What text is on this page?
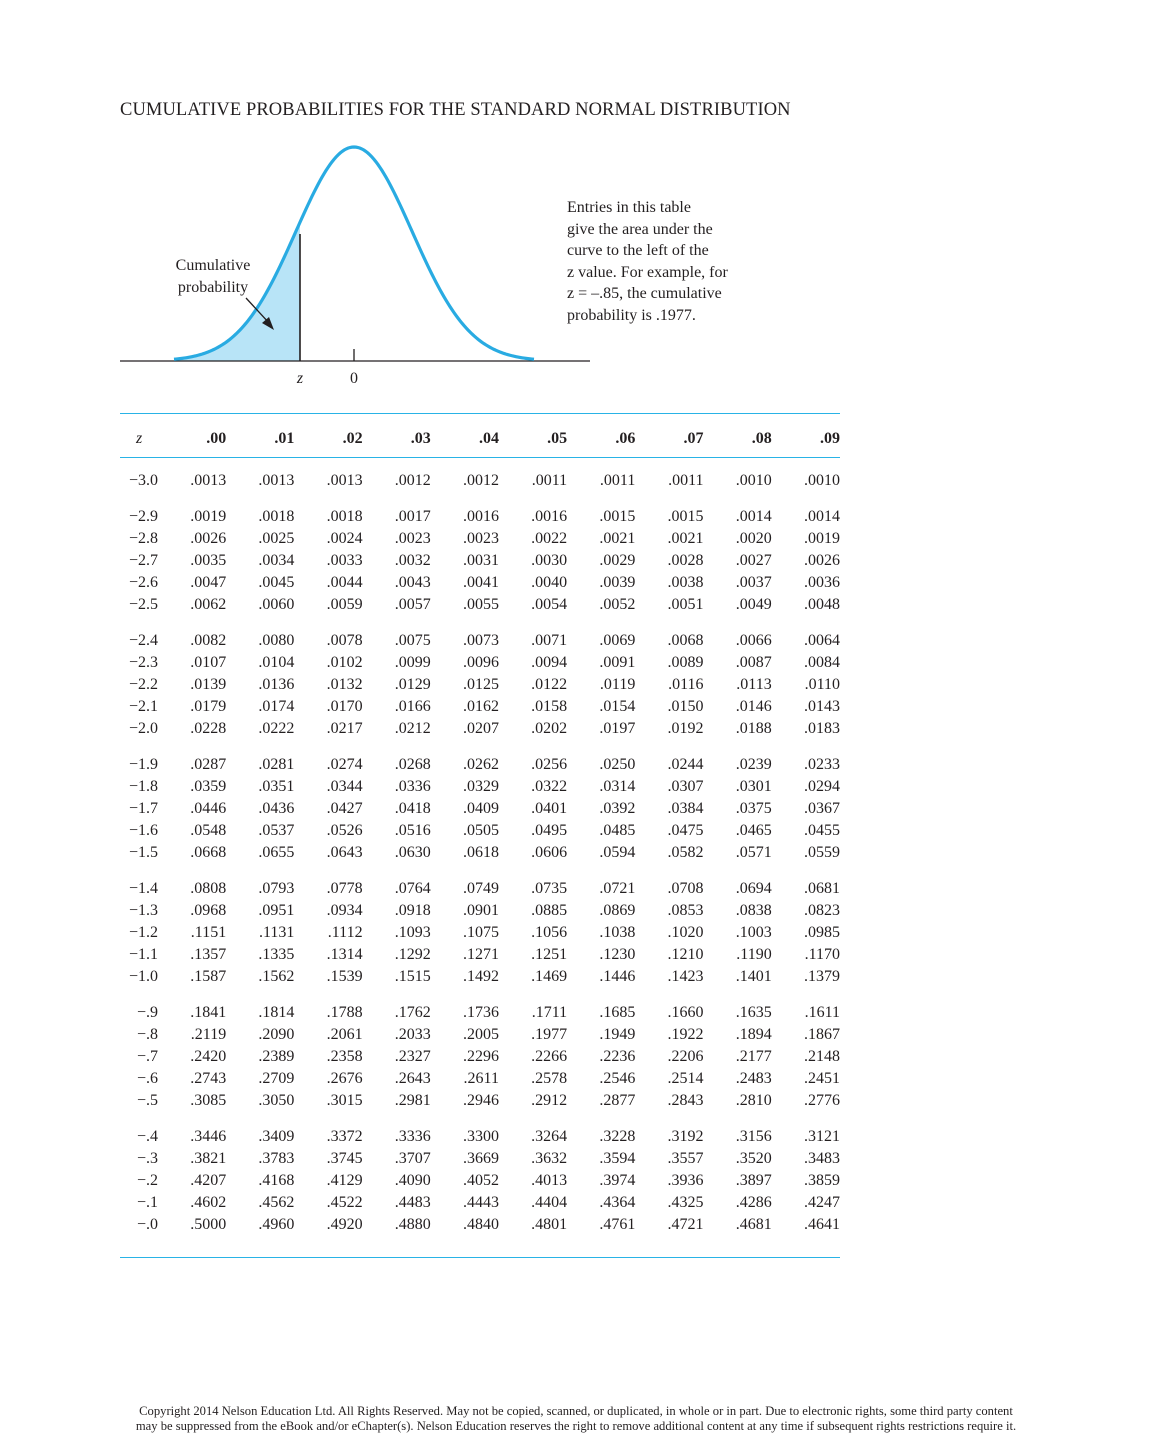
CUMULATIVE PROBABILITIES FOR THE STANDARD NORMAL DISTRIBUTION
Cumulative
probability
z	0
Entries in this table
give the area under the
curve to the left of the
z value. For example, for
z = –.85, the cumulative
probability is .1977.
z	.00	.01	.02	.03	.04	.05	.06	.07	.08	.09
−3.0	.0013	.0013	.0013	.0012	.0012	.0011	.0011	.0011	.0010	.0010

−2.9	.0019	.0018	.0018	.0017	.0016	.0016	.0015	.0015	.0014	.0014
−2.8	.0026	.0025	.0024	.0023	.0023	.0022	.0021	.0021	.0020	.0019
−2.7	.0035	.0034	.0033	.0032	.0031	.0030	.0029	.0028	.0027	.0026
−2.6	.0047	.0045	.0044	.0043	.0041	.0040	.0039	.0038	.0037	.0036
−2.5	.0062	.0060	.0059	.0057	.0055	.0054	.0052	.0051	.0049	.0048

−2.4	.0082	.0080	.0078	.0075	.0073	.0071	.0069	.0068	.0066	.0064
−2.3	.0107	.0104	.0102	.0099	.0096	.0094	.0091	.0089	.0087	.0084
−2.2	.0139	.0136	.0132	.0129	.0125	.0122	.0119	.0116	.0113	.0110
−2.1	.0179	.0174	.0170	.0166	.0162	.0158	.0154	.0150	.0146	.0143
−2.0	.0228	.0222	.0217	.0212	.0207	.0202	.0197	.0192	.0188	.0183

−1.9	.0287	.0281	.0274	.0268	.0262	.0256	.0250	.0244	.0239	.0233
−1.8	.0359	.0351	.0344	.0336	.0329	.0322	.0314	.0307	.0301	.0294
−1.7	.0446	.0436	.0427	.0418	.0409	.0401	.0392	.0384	.0375	.0367
−1.6	.0548	.0537	.0526	.0516	.0505	.0495	.0485	.0475	.0465	.0455
−1.5	.0668	.0655	.0643	.0630	.0618	.0606	.0594	.0582	.0571	.0559

−1.4	.0808	.0793	.0778	.0764	.0749	.0735	.0721	.0708	.0694	.0681
−1.3	.0968	.0951	.0934	.0918	.0901	.0885	.0869	.0853	.0838	.0823
−1.2	.1151	.1131	.1112	.1093	.1075	.1056	.1038	.1020	.1003	.0985
−1.1	.1357	.1335	.1314	.1292	.1271	.1251	.1230	.1210	.1190	.1170
−1.0	.1587	.1562	.1539	.1515	.1492	.1469	.1446	.1423	.1401	.1379

−.9	.1841	.1814	.1788	.1762	.1736	.1711	.1685	.1660	.1635	.1611
−.8	.2119	.2090	.2061	.2033	.2005	.1977	.1949	.1922	.1894	.1867
−.7	.2420	.2389	.2358	.2327	.2296	.2266	.2236	.2206	.2177	.2148
−.6	.2743	.2709	.2676	.2643	.2611	.2578	.2546	.2514	.2483	.2451
−.5	.3085	.3050	.3015	.2981	.2946	.2912	.2877	.2843	.2810	.2776

−.4	.3446	.3409	.3372	.3336	.3300	.3264	.3228	.3192	.3156	.3121
−.3	.3821	.3783	.3745	.3707	.3669	.3632	.3594	.3557	.3520	.3483
−.2	.4207	.4168	.4129	.4090	.4052	.4013	.3974	.3936	.3897	.3859
−.1	.4602	.4562	.4522	.4483	.4443	.4404	.4364	.4325	.4286	.4247
−.0	.5000	.4960	.4920	.4880	.4840	.4801	.4761	.4721	.4681	.4641
Copyright 2014 Nelson Education Ltd. All Rights Reserved. May not be copied, scanned, or duplicated, in whole or in part. Due to electronic rights, some third party content
may be suppressed from the eBook and/or eChapter(s). Nelson Education reserves the right to remove additional content at any time if subsequent rights restrictions require it.
